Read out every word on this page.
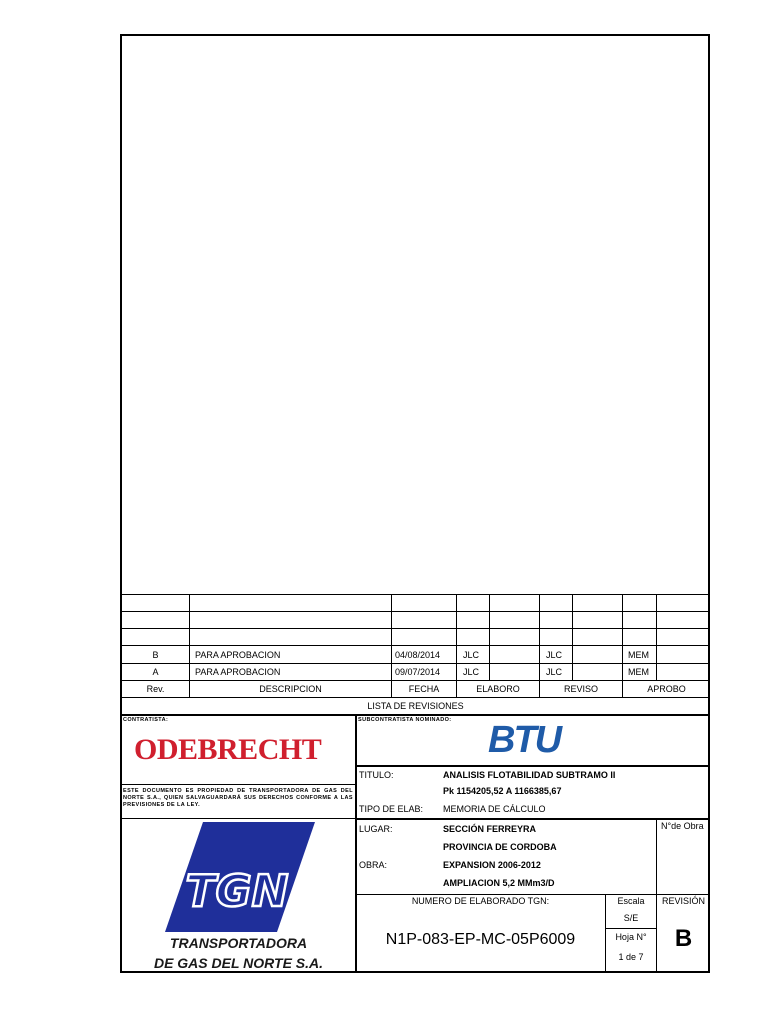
B	PARA APROBACION	04/08/2014	JLC	JLC	MEM
A	PARA APROBACION	09/07/2014	JLC	JLC	MEM
Rev.	DESCRIPCION	FECHA	ELABORO	REVISO	APROBO
LISTA DE REVISIONES
CONTRATISTA:
ODEBRECHT
ESTE DOCUMENTO ES PROPIEDAD DE TRANSPORTADORA DE GAS DEL NORTE S.A., QUIEN SALVAGUARDARÁ SUS DERECHOS CONFORME A LAS PREVISIONES DE LA LEY.
SUBCONTRATISTA NOMINADO: BTU
TGN
TRANSPORTADORA
DE GAS DEL NORTE S.A.
TITULO:	ANALISIS FLOTABILIDAD SUBTRAMO II
Pk 1154205,52 A 1166385,67
TIPO DE ELAB: MEMORIA DE CÁLCULO
LUGAR:	SECCIÓN FERREYRA
PROVINCIA DE CORDOBA
OBRA:	EXPANSION 2006-2012
AMPLIACION 5,2 MMm3/D
N°de Obra
NUMERO DE ELABORADO TGN:
N1P-083-EP-MC-05P6009
Escala
S/E
Hoja N°
1 de 7
REVISIÓN
B
